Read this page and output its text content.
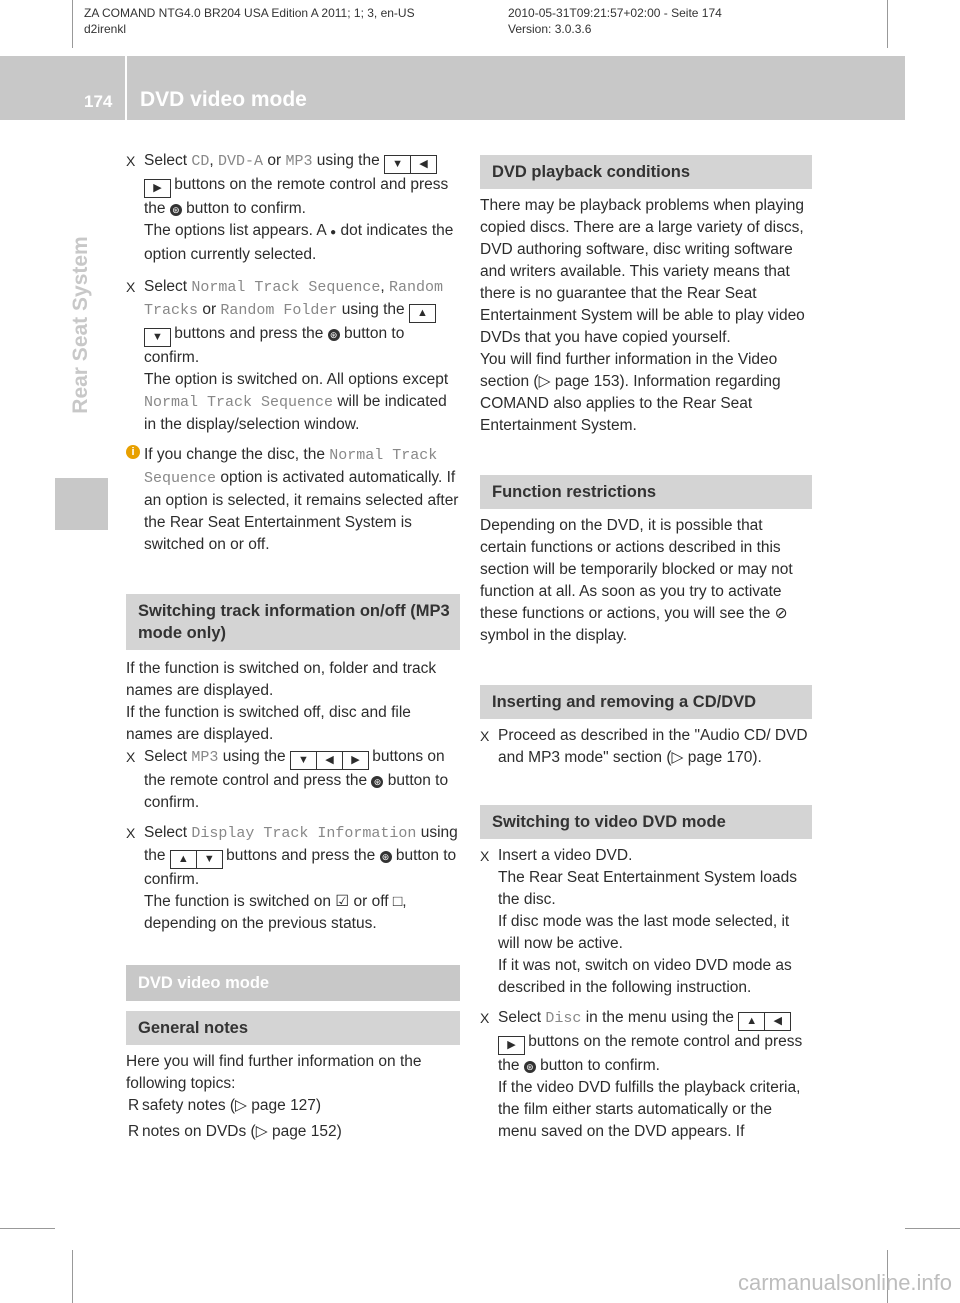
ZA COMAND NTG4.0 BR204 USA Edition A 2011; 1; 3, en-US
d2irenkl
2010-05-31T09:21:57+02:00 - Seite 174
Version: 3.0.3.6
174 DVD video mode
Rear Seat System
X Select CD, DVD-A or MP3 using the ▼ ◀▶ buttons on the remote control and press the ⊛ button to confirm.

The options list appears. A ● dot indicates the option currently selected.

X Select Normal Track Sequence, Random Tracks or Random Folder using the ▲▼ buttons and press the ⊛ button to confirm.

The option is switched on. All options except Normal Track Sequence will be indicated in the display/selection window.

i If you change the disc, the Normal Track Sequence option is activated automatically. If an option is selected, it remains selected after the Rear Seat Entertainment System is switched on or off.

Switching track information on/off (MP3 mode only)

If the function is switched on, folder and track names are displayed.

If the function is switched off, disc and file names are displayed.

X Select MP3 using the ▼ ◀ ▶ buttons on the remote control and press the ⊛ button to confirm.

X Select Display Track Information using the ▲ ▼ buttons and press the ⊛ button to confirm.

The function is switched on ☑ or off □, depending on the previous status.

DVD video mode
General notes

Here you will find further information on the following topics:

R safety notes (▷ page 127)
R notes on DVDs (▷ page 152)
DVD playback conditions

There may be playback problems when playing copied discs. There are a large variety of discs, DVD authoring software, disc writing software and writers available. This variety means that there is no guarantee that the Rear Seat Entertainment System will be able to play video DVDs that you have copied yourself.

You will find further information in the Video section (▷ page 153). Information regarding COMAND also applies to the Rear Seat Entertainment System.

Function restrictions

Depending on the DVD, it is possible that certain functions or actions described in this section will be temporarily blocked or may not function at all. As soon as you try to activate these functions or actions, you will see the ⊘ symbol in the display.

Inserting and removing a CD/DVD
X Proceed as described in the "Audio CD/ DVD and MP3 mode" section (▷ page 170).

Switching to video DVD mode
X Insert a video DVD.

The Rear Seat Entertainment System loads the disc.

If disc mode was the last mode selected, it will now be active.

If it was not, switch on video DVD mode as described in the following instruction.

X Select Disc in the menu using the ▲ ◀▶ buttons on the remote control and press the ⊛ button to confirm.

If the video DVD fulfills the playback criteria, the film either starts automatically or the menu saved on the DVD appears. If

carmanualsonline.info
